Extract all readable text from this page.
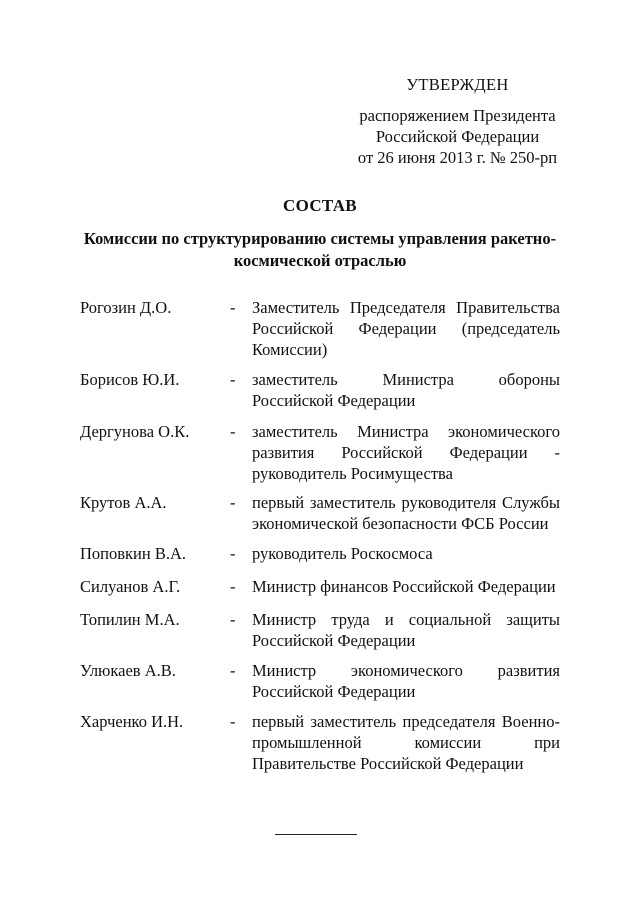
УТВЕРЖДЕН
распоряжением Президента
Российской Федерации
от 26 июня 2013 г. № 250-рп
СОСТАВ
Комиссии по структурированию системы управления ракетно-космической отраслью
Рогозин Д.О.	-	Заместитель Председателя Правительства Российской Федерации (председатель Комиссии)
Борисов Ю.И.	-	заместитель Министра обороны Российской Федерации
Дергунова О.К.	-	заместитель Министра экономического развития Российской Федерации - руководитель Росимущества
Крутов А.А.	-	первый заместитель руководителя Службы экономической безопасности ФСБ России
Поповкин В.А.	-	руководитель Роскосмоса
Силуанов А.Г.	-	Министр финансов Российской Федерации
Топилин М.А.	-	Министр труда и социальной защиты Российской Федерации
Улюкаев А.В.	-	Министр экономического развития Российской Федерации
Харченко И.Н.	-	первый заместитель председателя Военно-промышленной комиссии при Правительстве Российской Федерации
